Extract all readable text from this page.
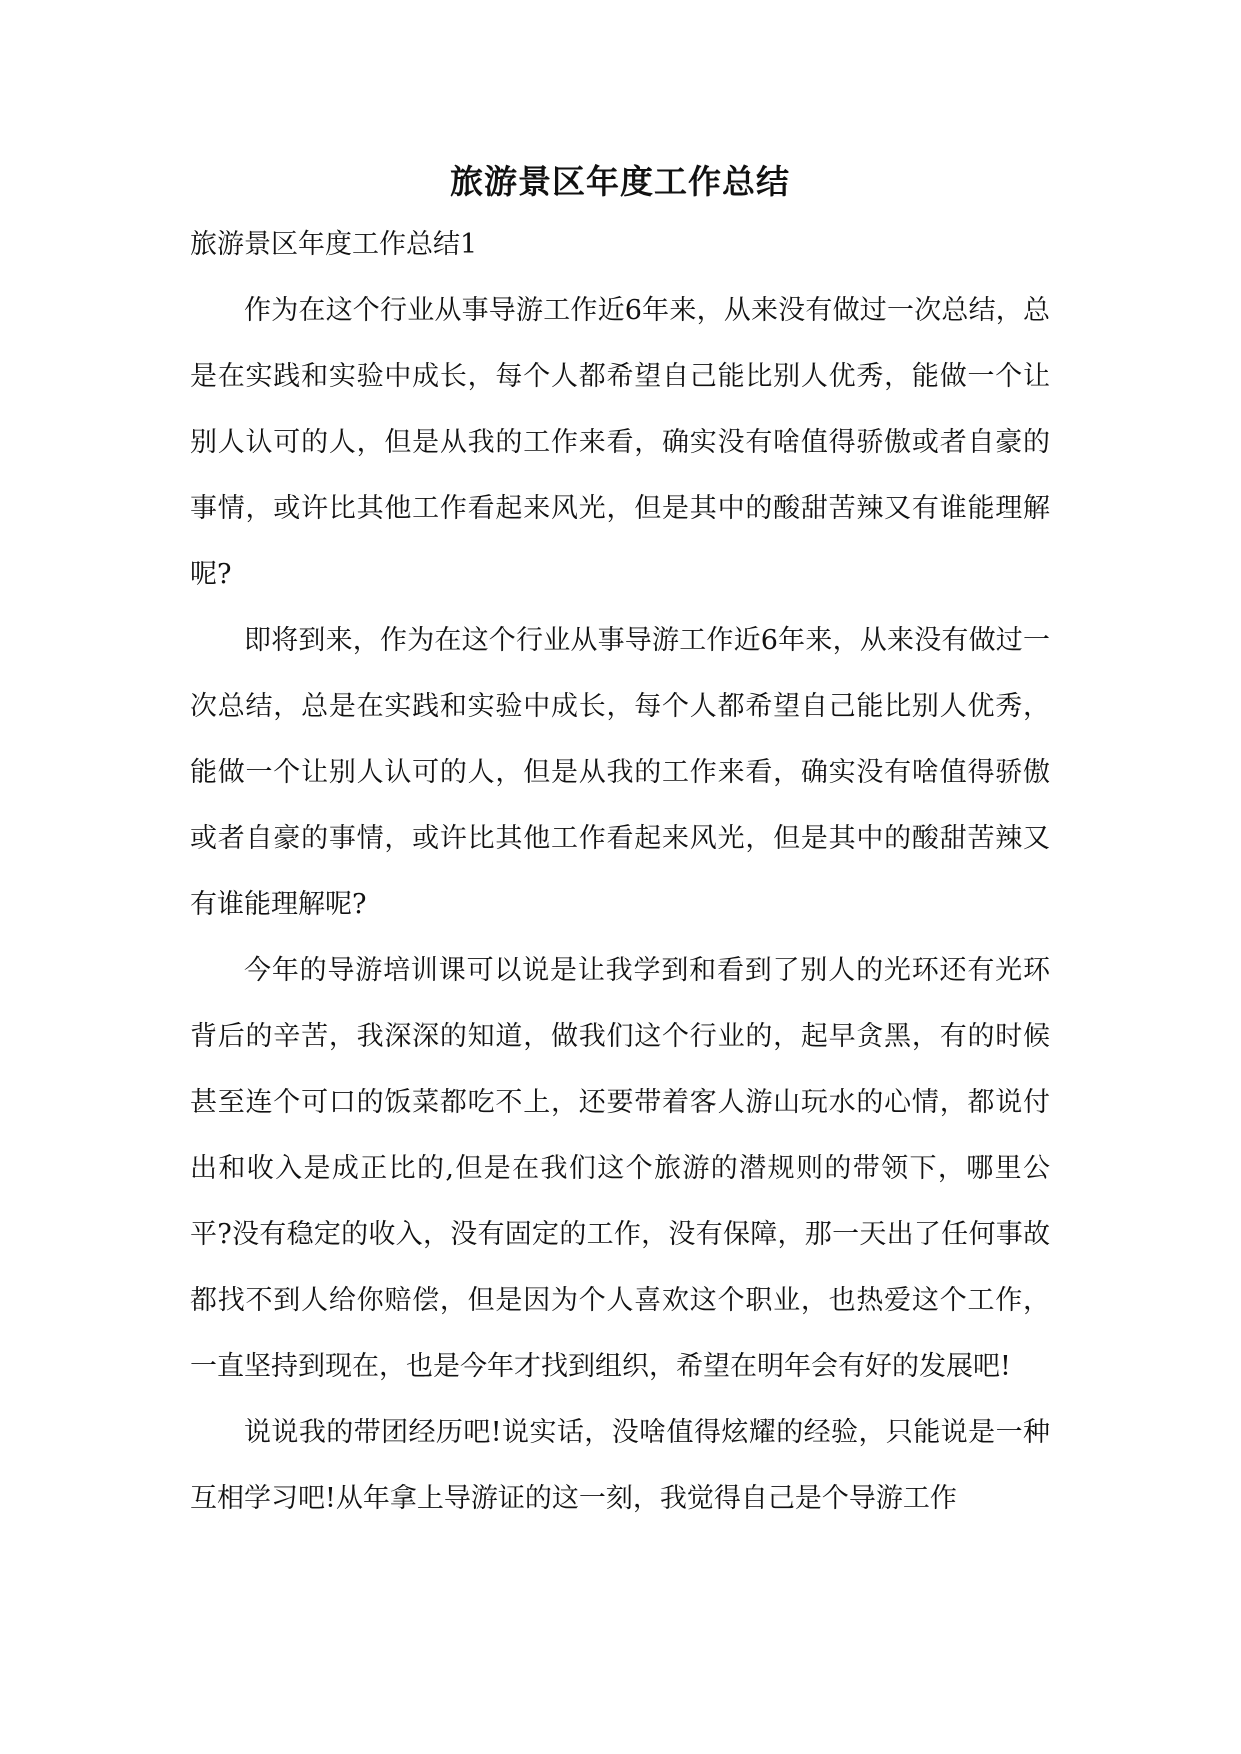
旅游景区年度工作总结
旅游景区年度工作总结1

作为在这个行业从事导游工作近6年来，从来没有做过一次总结，总是在实践和实验中成长，每个人都希望自己能比别人优秀，能做一个让别人认可的人，但是从我的工作来看，确实没有啥值得骄傲或者自豪的事情，或许比其他工作看起来风光，但是其中的酸甜苦辣又有谁能理解呢?

即将到来，作为在这个行业从事导游工作近6年来，从来没有做过一次总结，总是在实践和实验中成长，每个人都希望自己能比别人优秀，能做一个让别人认可的人，但是从我的工作来看，确实没有啥值得骄傲或者自豪的事情，或许比其他工作看起来风光，但是其中的酸甜苦辣又有谁能理解呢?

今年的导游培训课可以说是让我学到和看到了别人的光环还有光环背后的辛苦，我深深的知道，做我们这个行业的，起早贪黑，有的时候甚至连个可口的饭菜都吃不上，还要带着客人游山玩水的心情，都说付出和收入是成正比的,但是在我们这个旅游的潜规则的带领下，哪里公平?没有稳定的收入，没有固定的工作，没有保障，那一天出了任何事故都找不到人给你赔偿，但是因为个人喜欢这个职业，也热爱这个工作，一直坚持到现在，也是今年才找到组织，希望在明年会有好的发展吧!

说说我的带团经历吧!说实话，没啥值得炫耀的经验，只能说是一种互相学习吧!从年拿上导游证的这一刻，我觉得自己是个导游工作
